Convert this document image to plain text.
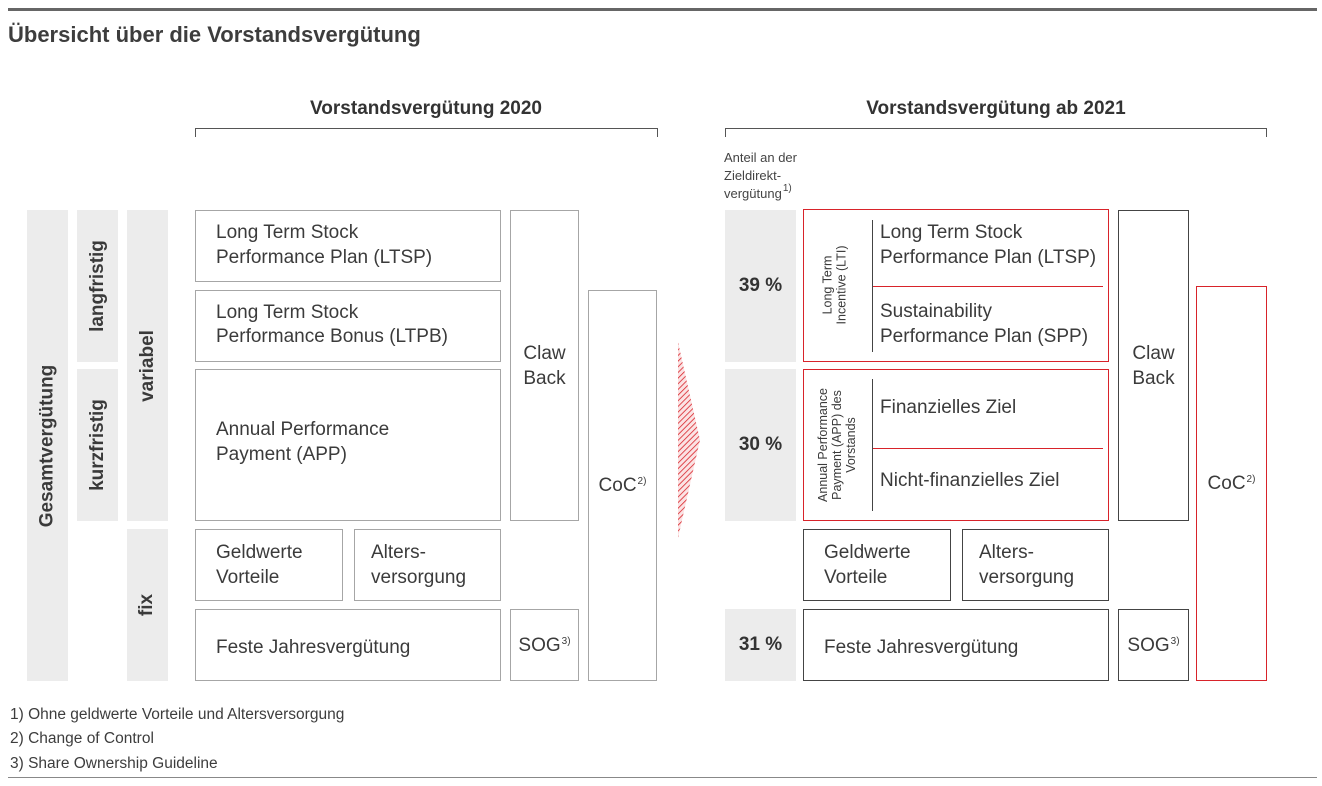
Übersicht über die Vorstandsvergütung
Vorstandsvergütung 2020
Gesamtvergütung
langfristig
kurzfristig
variabel
fix
Long Term Stock
Performance Plan (LTSP)
Long Term Stock
Performance Bonus (LTPB)
Annual Performance
Payment (APP)
Geldwerte
Vorteile
Alters-
versorgung
Feste Jahresvergütung
Claw
Back
SOG$^{3)}$
CoC$^{2)}$
Vorstandsvergütung ab 2021
Anteil an der
Zieldirekt-
vergütung$^{1)}$
39 %
30 %
31 %
Long Term
Incentive (LTI)
Long Term Stock
Performance Plan (LTSP)
Sustainability
Performance Plan (SPP)
Annual Performance
Payment (APP) des
Vorstands
Finanzielles Ziel
Nicht-finanzielles Ziel
Geldwerte
Vorteile
Alters-
versorgung
Feste Jahresvergütung
Claw
Back
SOG$^{3)}$
CoC$^{2)}$
1) Ohne geldwerte Vorteile und Altersversorgung
2) Change of Control
3) Share Ownership Guideline
